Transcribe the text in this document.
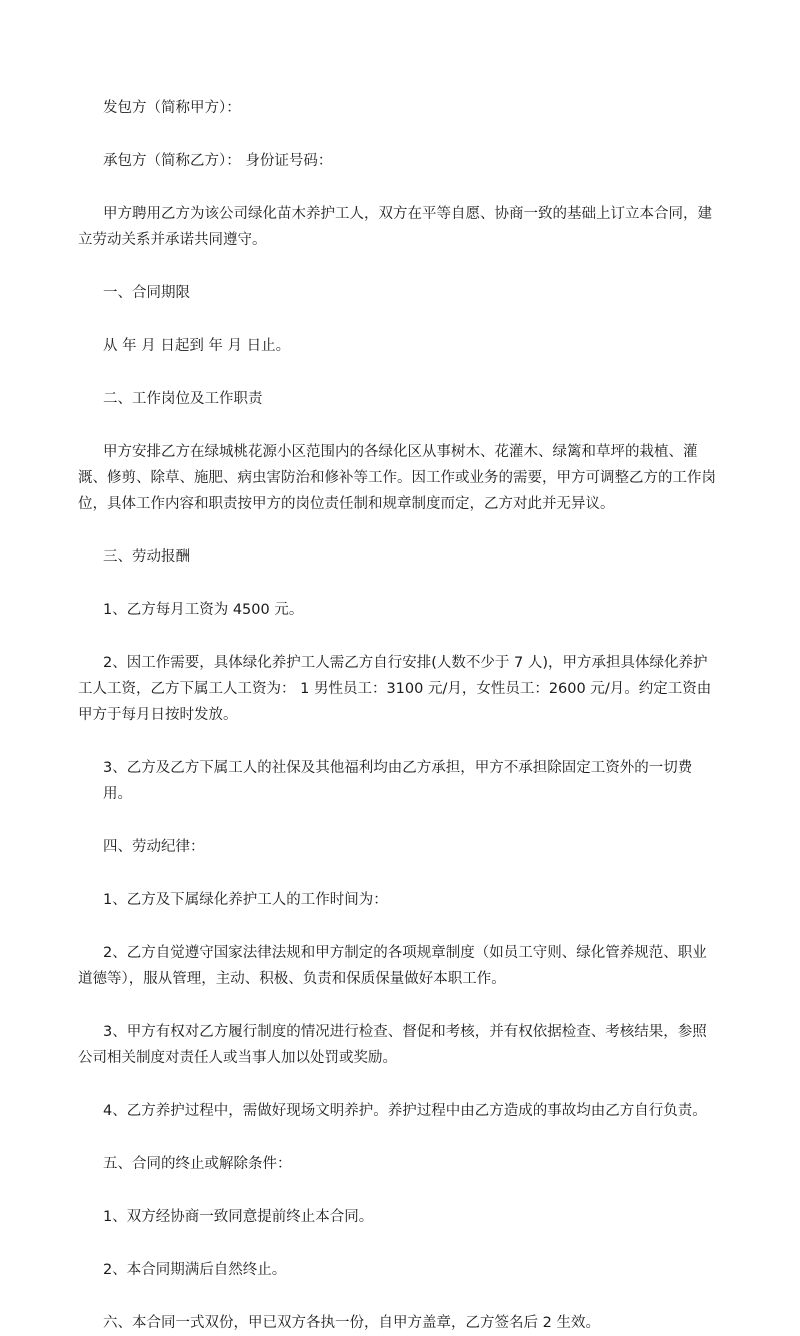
发包方（简称甲方）：

承包方（简称乙方）： 身份证号码：

甲方聘用乙方为该公司绿化苗木养护工人，双方在平等自愿、协商一致的基础上订立本合同，建立劳动关系并承诺共同遵守。

一、合同期限

从 年 月 日起到 年 月 日止。

二、工作岗位及工作职责

甲方安排乙方在绿城桃花源小区范围内的各绿化区从事树木、花灌木、绿篱和草坪的栽植、灌溉、修剪、除草、施肥、病虫害防治和修补等工作。因工作或业务的需要，甲方可调整乙方的工作岗位，具体工作内容和职责按甲方的岗位责任制和规章制度而定，乙方对此并无异议。

三、劳动报酬

1、乙方每月工资为 4500 元。

2、因工作需要，具体绿化养护工人需乙方自行安排(人数不少于 7 人)，甲方承担具体绿化养护工人工资，乙方下属工人工资为： 1 男性员工：3100 元/月，女性员工：2600 元/月。约定工资由甲方于每月日按时发放。

3、乙方及乙方下属工人的社保及其他福利均由乙方承担，甲方不承担除固定工资外的一切费用。

四、劳动纪律：

1、乙方及下属绿化养护工人的工作时间为：

2、乙方自觉遵守国家法律法规和甲方制定的各项规章制度（如员工守则、绿化管养规范、职业道德等），服从管理，主动、积极、负责和保质保量做好本职工作。

3、甲方有权对乙方履行制度的情况进行检查、督促和考核，并有权依据检查、考核结果，参照公司相关制度对责任人或当事人加以处罚或奖励。

4、乙方养护过程中，需做好现场文明养护。养护过程中由乙方造成的事故均由乙方自行负责。

五、合同的终止或解除条件：

1、双方经协商一致同意提前终止本合同。

2、本合同期满后自然终止。

六、本合同一式双份，甲已双方各执一份，自甲方盖章，乙方签名后 2 生效。
